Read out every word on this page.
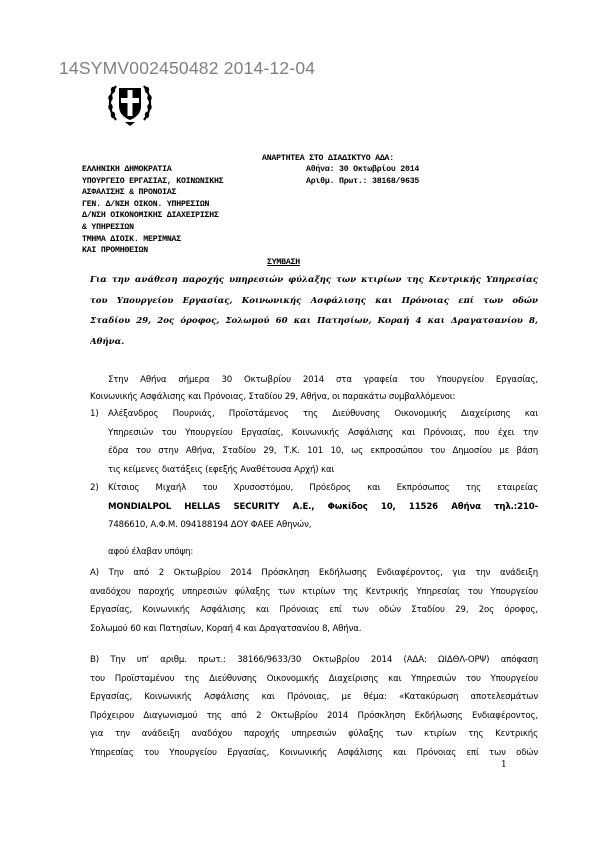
14SYMV002450482 2014-12-04
ΕΛΛΗΝΙΚΗ ΔΗΜΟΚΡΑΤΙΑ
ΥΠΟΥΡΓΕΙΟ ΕΡΓΑΣΙΑΣ, ΚΟΙΝΩΝΙΚΗΣ
ΑΣΦΑΛΙΣΗΣ & ΠΡΟΝΟΙΑΣ
ΓΕΝ. Δ/ΝΣΗ ΟΙΚΟΝ. ΥΠΗΡΕΣΙΩΝ
Δ/ΝΣΗ ΟΙΚΟΝΟΜΙΚΗΣ ΔΙΑΧΕΙΡΙΣΗΣ
& ΥΠΗΡΕΣΙΩΝ
ΤΜΗΜΑ ΔΙΟΙΚ. ΜΕΡΙΜΝΑΣ
ΚΑΙ ΠΡΟΜΗΘΕΙΩΝ
ΑΝΑΡΤΗΤΕΑ ΣΤΟ ΔΙΑΔΙΚΤΥΟ ΑΔΑ:
Αθήνα: 30 Οκτωβρίου 2014
Αριθμ. Πρωτ.: 38168/9635
ΣΥΜΒΑΣΗ
Για την ανάθεση παροχής υπηρεσιών φύλαξης των κτιρίων της Κεντρικής Υπηρεσίας
του Υπουργείου Εργασίας, Κοινωνικής Ασφάλισης και Πρόνοιας επί των οδών
Σταδίου 29, 2ος όροφος, Σολωμού 60 και Πατησίων, Κοραή 4 και Δραγατσανίου 8,
Αθήνα.
Στην Αθήνα σήμερα 30 Οκτωβρίου 2014 στα γραφεία του Υπουργείου Εργασίας,
Κοινωνικής Ασφάλισης και Πρόνοιας, Σταδίου 29, Αθήνα, οι παρακάτω συμβαλλόμενοι:
1) Αλέξανδρος Πουρνιάς, Προϊστάμενος της Διεύθυνσης Οικονομικής Διαχείρισης και
Υπηρεσιών του Υπουργείου Εργασίας, Κοινωνικής Ασφάλισης και Πρόνοιας, που έχει την
έδρα του στην Αθήνα, Σταδίου 29, Τ.Κ. 101 10, ως εκπροσώπου του Δημοσίου με βάση
τις κείμενες διατάξεις (εφεξής Αναθέτουσα Αρχή) και
2) Κίτσιος Μιχαήλ του Χρυσοστόμου, Πρόεδρος και Εκπρόσωπος της εταιρείας
MONDIALPOL HELLAS SECURITY A.E., Φωκίδος 10, 11526 Αθήνα τηλ.:210-
7486610, Α.Φ.Μ. 094188194 ΔΟΥ ΦΑΕΕ Αθηνών,
αφού έλαβαν υπόψη:
Α) Την από 2 Οκτωβρίου 2014 Πρόσκληση Εκδήλωσης Ενδιαφέροντος, για την ανάδειξη
αναδόχου παροχής υπηρεσιών φύλαξης των κτιρίων της Κεντρικής Υπηρεσίας του Υπουργείου
Εργασίας, Κοινωνικής Ασφάλισης και Πρόνοιας επί των οδών Σταδίου 29, 2ος όροφος,
Σολωμού 60 και Πατησίων, Κοραή 4 και Δραγατσανίου 8, Αθήνα.
Β) Την υπ' αριθμ. πρωτ.: 38166/9633/30 Οκτωβρίου 2014 (ΑΔΑ: ΩΙΔΘΛ-ΟΡΨ) απόφαση
του Προϊσταμένου της Διεύθυνσης Οικονομικής Διαχείρισης και Υπηρεσιών του Υπουργείου
Εργασίας, Κοινωνικής Ασφάλισης και Πρόνοιας, με θέμα: «Κατακύρωση αποτελεσμάτων
Πρόχειρου Διαγωνισμού της από 2 Οκτωβρίου 2014 Πρόσκληση Εκδήλωσης Ενδιαφέροντος,
για την ανάδειξη αναδόχου παροχής υπηρεσιών φύλαξης των κτιρίων της Κεντρικής
Υπηρεσίας του Υπουργείου Εργασίας, Κοινωνικής Ασφάλισης και Πρόνοιας επί των οδών
1
